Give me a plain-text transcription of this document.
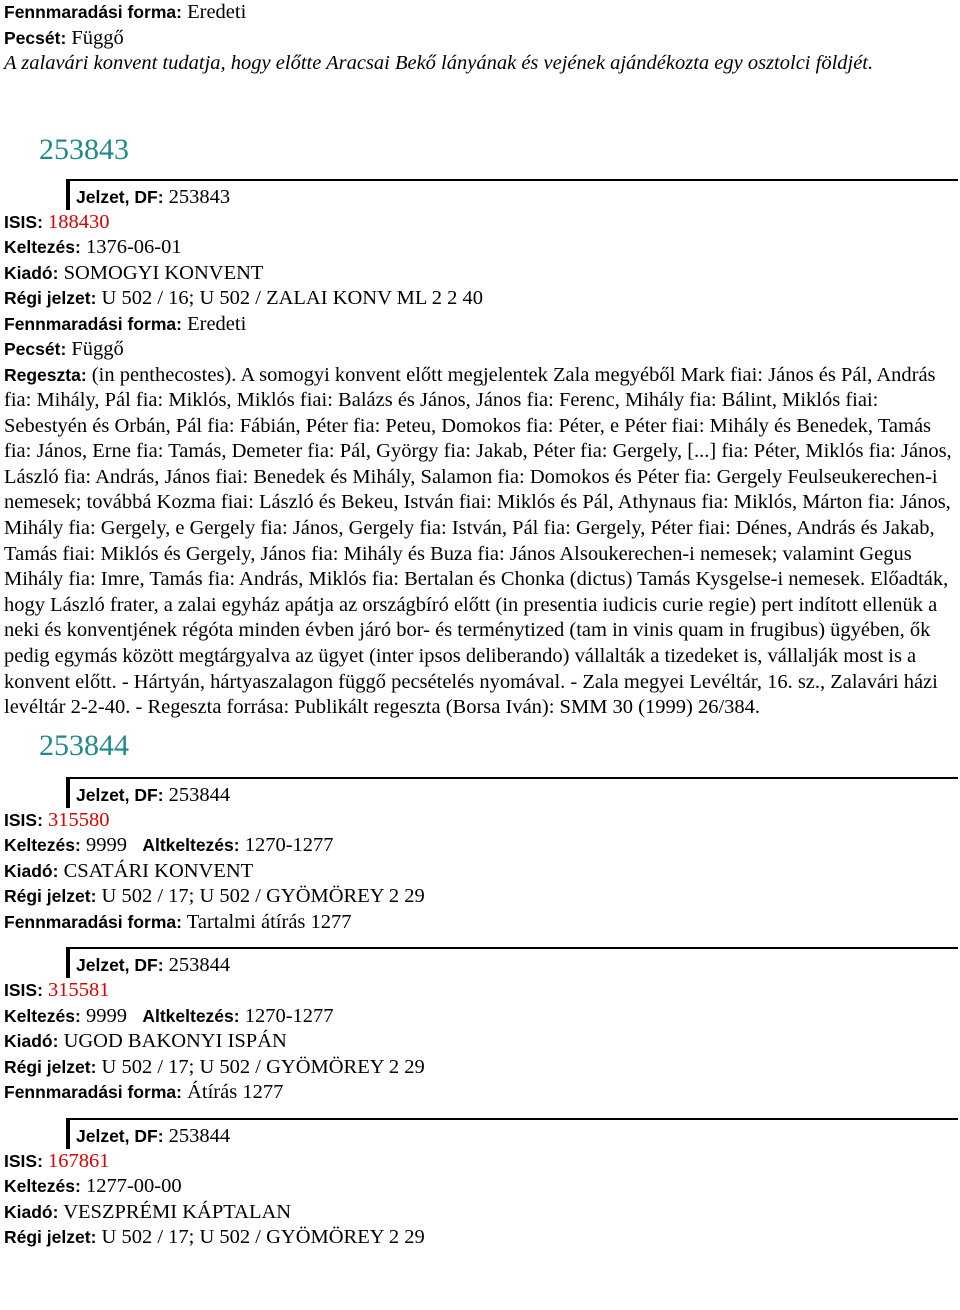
Fennmaradási forma: Eredeti
Pecsét: Függő
A zalavári konvent tudatja, hogy előtte Aracsai Bekő lányának és vejének ajándékozta egy osztolci földjét.
253843
Jelzet, DF: 253843
ISIS: 188430
Keltezés: 1376-06-01
Kiadó: SOMOGYI KONVENT
Régi jelzet: U 502 / 16; U 502 / ZALAI KONV ML 2 2 40
Fennmaradási forma: Eredeti
Pecsét: Függő
Regeszta: (in penthecostes). A somogyi konvent előtt megjelentek Zala megyéből Mark fiai: János és Pál, András fia: Mihály, Pál fia: Miklós, Miklós fiai: Balázs és János, János fia: Ferenc, Mihály fia: Bálint, Miklós fiai: Sebestyén és Orbán, Pál fia: Fábián, Péter fia: Peteu, Domokos fia: Péter, e Péter fiai: Mihály és Benedek, Tamás fia: János, Erne fia: Tamás, Demeter fia: Pál, György fia: Jakab, Péter fia: Gergely, [...] fia: Péter, Miklós fia: János, László fia: András, János fiai: Benedek és Mihály, Salamon fia: Domokos és Péter fia: Gergely Feulseukerechen-i nemesek; továbbá Kozma fiai: László és Bekeu, István fiai: Miklós és Pál, Athynaus fia: Miklós, Márton fia: János, Mihály fia: Gergely, e Gergely fia: János, Gergely fia: István, Pál fia: Gergely, Péter fiai: Dénes, András és Jakab, Tamás fiai: Miklós és Gergely, János fia: Mihály és Buza fia: János Alsoukerechen-i nemesek; valamint Gegus Mihály fia: Imre, Tamás fia: András, Miklós fia: Bertalan és Chonka (dictus) Tamás Kysgelse-i nemesek. Előadták, hogy László frater, a zalai egyház apátja az országbíró előtt (in presentia iudicis curie regie) pert indított ellenük a neki és konventjének régóta minden évben járó bor- és terménytized (tam in vinis quam in frugibus) ügyében, ők pedig egymás között megtárgyalva az ügyet (inter ipsos deliberando) vállalták a tizedeket is, vállalják most is a konvent előtt. - Hártyán, hártyaszalagon függő pecsételés nyomával. - Zala megyei Levéltár, 16. sz., Zalavári házi levéltár 2-2-40. - Regeszta forrása: Publikált regeszta (Borsa Iván): SMM 30 (1999) 26/384.
253844
Jelzet, DF: 253844
ISIS: 315580
Keltezés: 9999 Altkeltezés: 1270-1277
Kiadó: CSATÁRI KONVENT
Régi jelzet: U 502 / 17; U 502 / GYÖMÖREY 2 29
Fennmaradási forma: Tartalmi átírás 1277
Jelzet, DF: 253844
ISIS: 315581
Keltezés: 9999 Altkeltezés: 1270-1277
Kiadó: UGOD BAKONYI ISPÁN
Régi jelzet: U 502 / 17; U 502 / GYÖMÖREY 2 29
Fennmaradási forma: Átírás 1277
Jelzet, DF: 253844
ISIS: 167861
Keltezés: 1277-00-00
Kiadó: VESZPRÉMI KÁPTALAN
Régi jelzet: U 502 / 17; U 502 / GYÖMÖREY 2 29
